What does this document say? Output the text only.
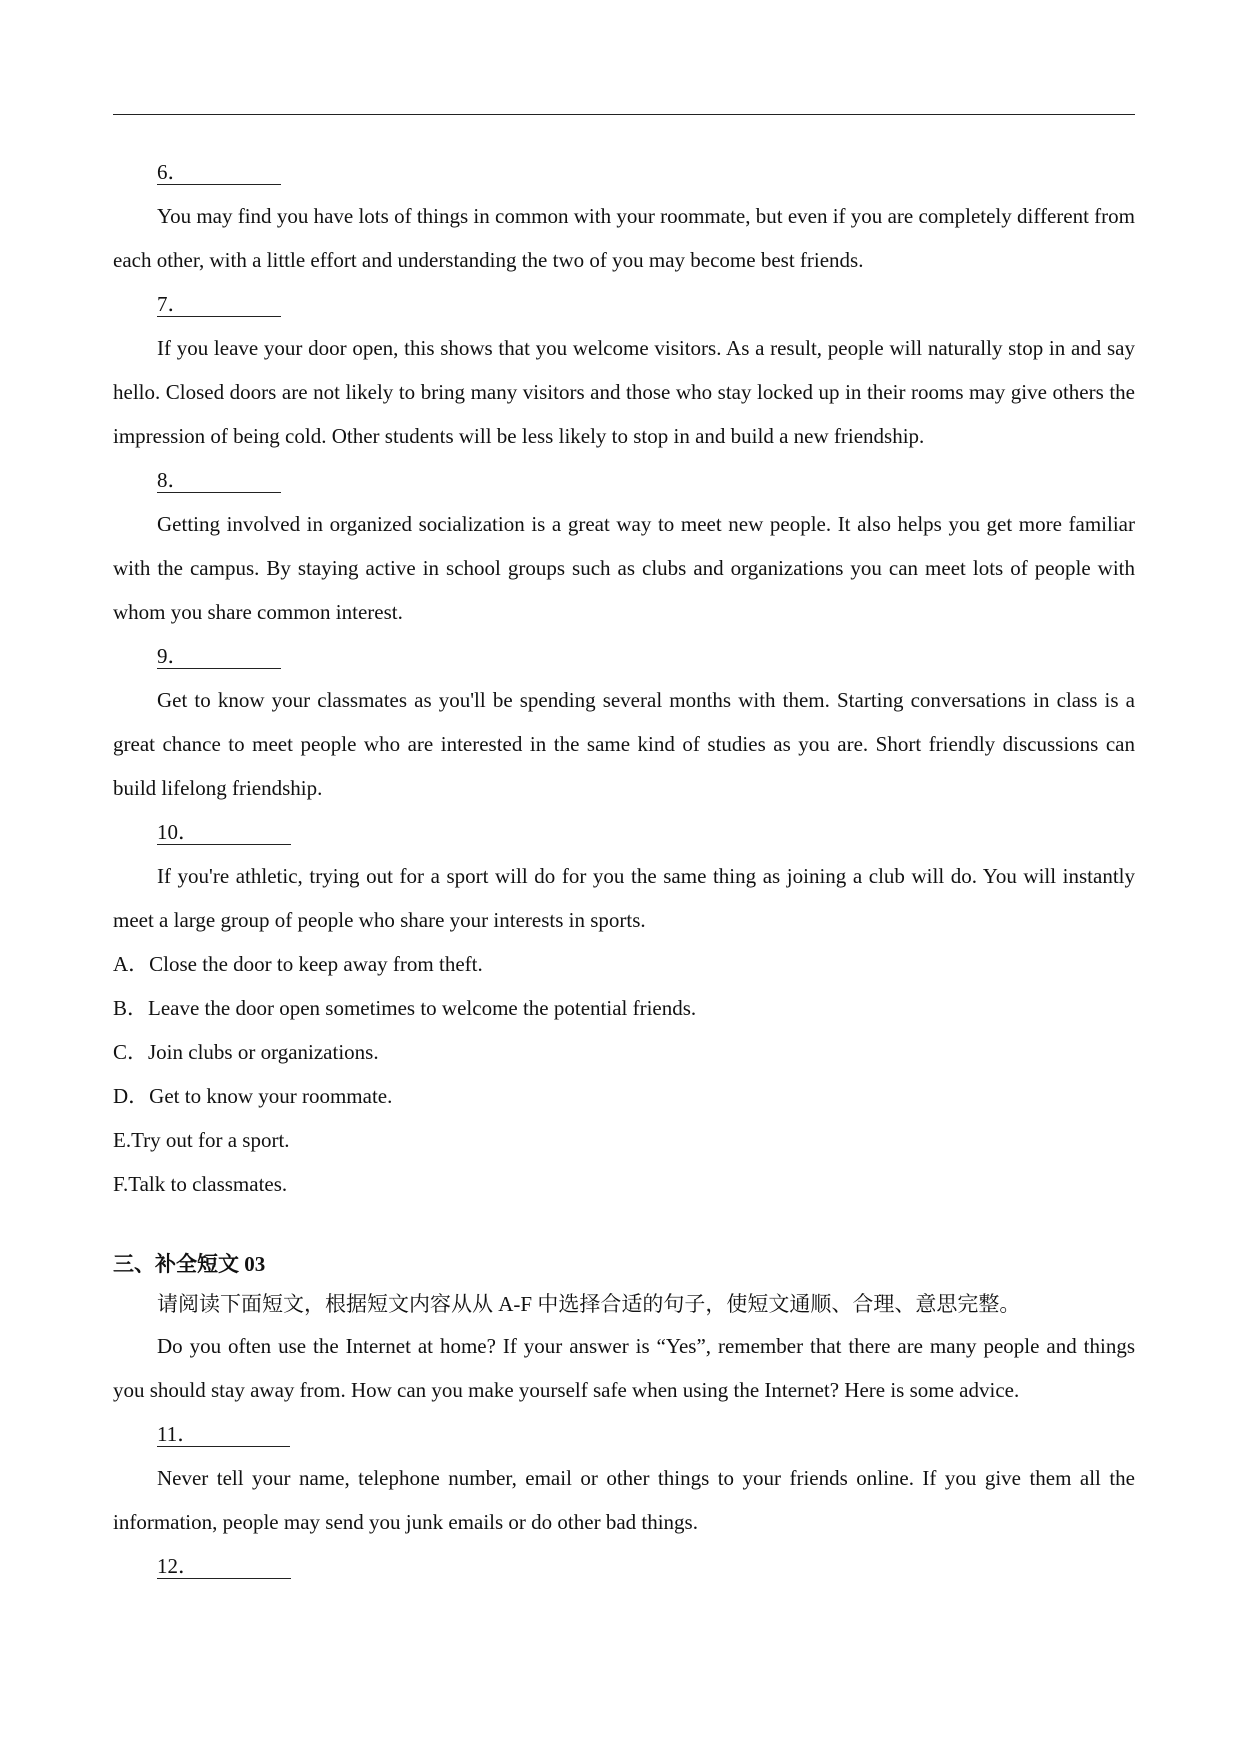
6．

You may find you have lots of things in common with your roommate, but even if you are completely different from each other, with a little effort and understanding the two of you may become best friends.

7．

If you leave your door open, this shows that you welcome visitors. As a result, people will naturally stop in and say hello. Closed doors are not likely to bring many visitors and those who stay locked up in their rooms may give others the impression of being cold. Other students will be less likely to stop in and build a new friendship.

8．

Getting involved in organized socialization is a great way to meet new people. It also helps you get more familiar with the campus. By staying active in school groups such as clubs and organizations you can meet lots of people with whom you share common interest.

9．

Get to know your classmates as you'll be spending several months with them. Starting conversations in class is a great chance to meet people who are interested in the same kind of studies as you are. Short friendly discussions can build lifelong friendship.

10．

If you're athletic, trying out for a sport will do for you the same thing as joining a club will do. You will instantly meet a large group of people who share your interests in sports.

A．Close the door to keep away from theft.
B．Leave the door open sometimes to welcome the potential friends.
C．Join clubs or organizations.
D．Get to know your roommate.
E.Try out for a sport.
F.Talk to classmates.
三、补全短文 03
请阅读下面短文，根据短文内容从从 A-F 中选择合适的句子，使短文通顺、合理、意思完整。

Do you often use the Internet at home? If your answer is “Yes”, remember that there are many people and things you should stay away from. How can you make yourself safe when using the Internet? Here is some advice.

11．

Never tell your name, telephone number, email or other things to your friends online. If you give them all the information, people may send you junk emails or do other bad things.

12．
